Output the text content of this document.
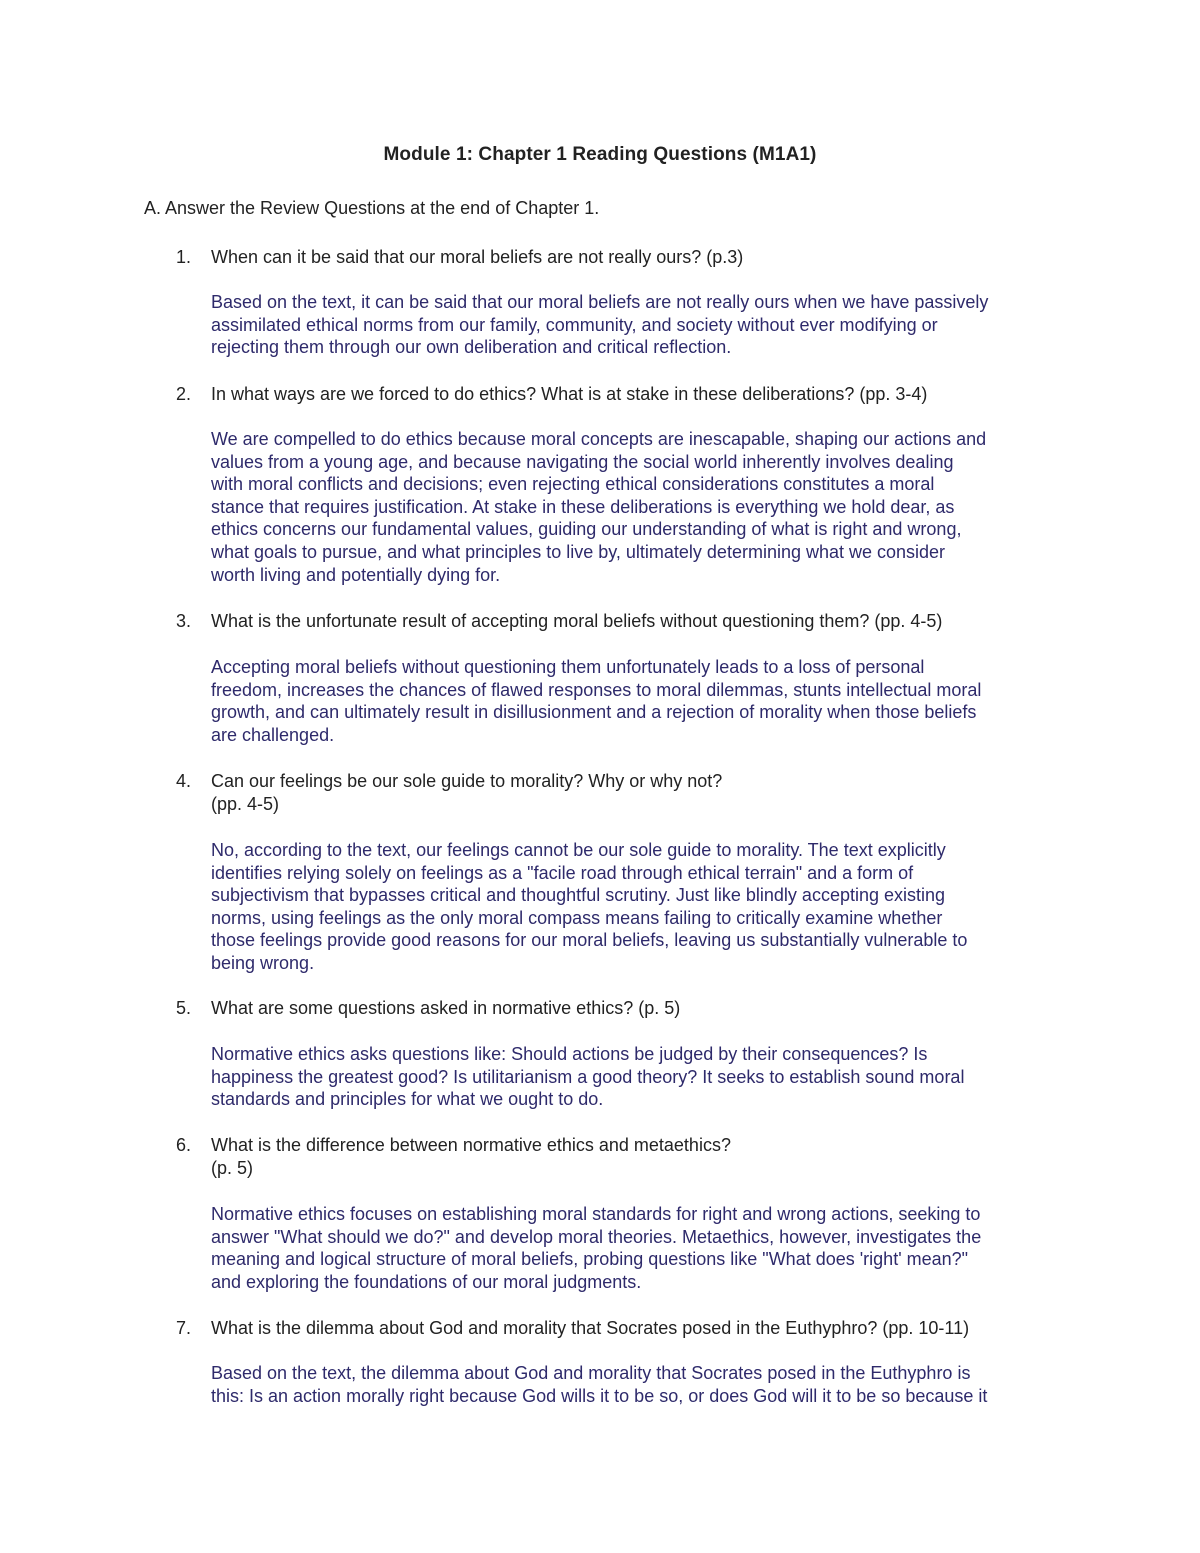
Module 1: Chapter 1 Reading Questions (M1A1)
A. Answer the Review Questions at the end of Chapter 1.
1.	When can it be said that our moral beliefs are not really ours? (p.3)
Based on the text, it can be said that our moral beliefs are not really ours when we have passively
assimilated ethical norms from our family, community, and society without ever modifying or
rejecting them through our own deliberation and critical reflection.
2.	In what ways are we forced to do ethics? What is at stake in these deliberations? (pp. 3-4)
We are compelled to do ethics because moral concepts are inescapable, shaping our actions and
values from a young age, and because navigating the social world inherently involves dealing
with moral conflicts and decisions; even rejecting ethical considerations constitutes a moral
stance that requires justification. At stake in these deliberations is everything we hold dear, as
ethics concerns our fundamental values, guiding our understanding of what is right and wrong,
what goals to pursue, and what principles to live by, ultimately determining what we consider
worth living and potentially dying for.
3.	What is the unfortunate result of accepting moral beliefs without questioning them? (pp. 4-5)
Accepting moral beliefs without questioning them unfortunately leads to a loss of personal
freedom, increases the chances of flawed responses to moral dilemmas, stunts intellectual moral
growth, and can ultimately result in disillusionment and a rejection of morality when those beliefs
are challenged.
4.	Can our feelings be our sole guide to morality? Why or why not?
(pp. 4-5)
No, according to the text, our feelings cannot be our sole guide to morality. The text explicitly
identifies relying solely on feelings as a "facile road through ethical terrain" and a form of
subjectivism that bypasses critical and thoughtful scrutiny. Just like blindly accepting existing
norms, using feelings as the only moral compass means failing to critically examine whether
those feelings provide good reasons for our moral beliefs, leaving us substantially vulnerable to
being wrong.
5.	What are some questions asked in normative ethics? (p. 5)
Normative ethics asks questions like: Should actions be judged by their consequences? Is
happiness the greatest good? Is utilitarianism a good theory? It seeks to establish sound moral
standards and principles for what we ought to do.
6.	What is the difference between normative ethics and metaethics?
(p. 5)
Normative ethics focuses on establishing moral standards for right and wrong actions, seeking to
answer "What should we do?" and develop moral theories. Metaethics, however, investigates the
meaning and logical structure of moral beliefs, probing questions like "What does 'right' mean?"
and exploring the foundations of our moral judgments.
7.	What is the dilemma about God and morality that Socrates posed in the Euthyphro? (pp. 10-11)
Based on the text, the dilemma about God and morality that Socrates posed in the Euthyphro is
this: Is an action morally right because God wills it to be so, or does God will it to be so because it
